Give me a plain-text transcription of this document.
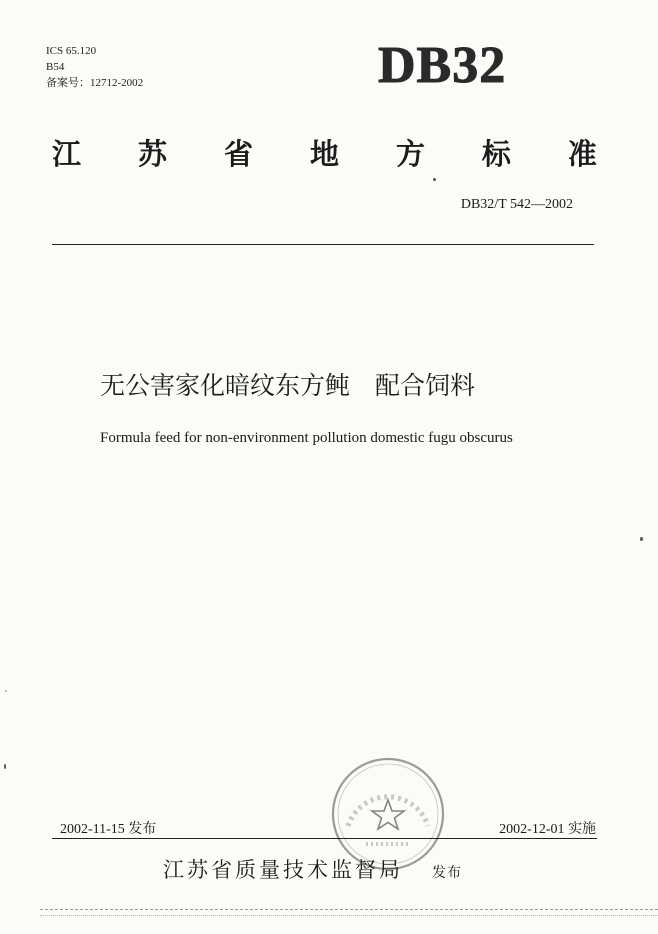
ICS 65.120
B54
备案号：12712-2002	DB32
江 苏 省 地 方 标 准
DB32/T 542—2002
无公害家化暗纹东方鲀　配合饲料
Formula feed for non-environment pollution domestic fugu obscurus
2002-11-15 发布	2002-12-01 实施
江苏省质量技术监督局 发布
